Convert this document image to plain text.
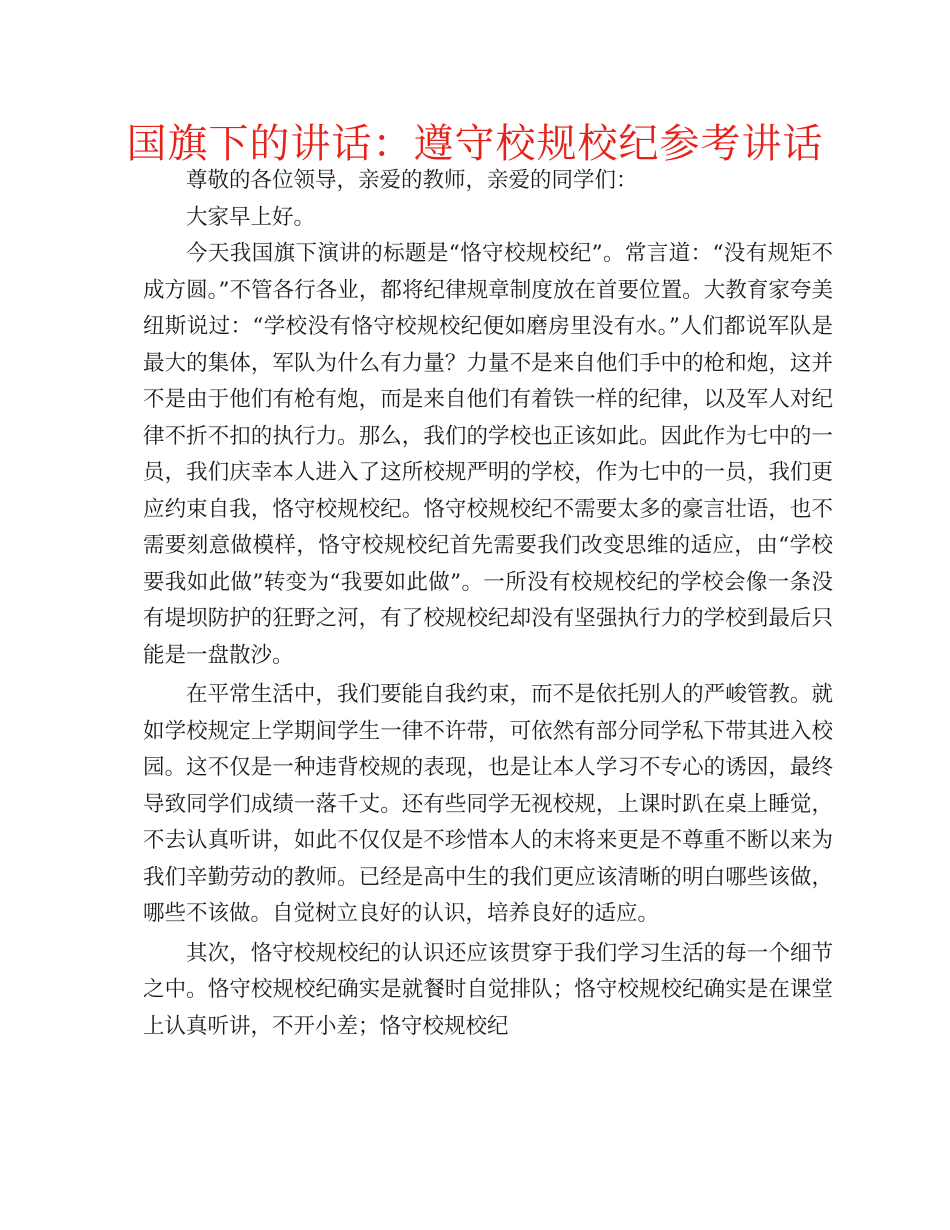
国旗下的讲话：遵守校规校纪参考讲话

尊敬的各位领导，亲爱的教师，亲爱的同学们：

大家早上好。

今天我国旗下演讲的标题是“恪守校规校纪”。常言道：“没有规矩不成方圆。”不管各行各业，都将纪律规章制度放在首要位置。大教育家夸美纽斯说过：“学校没有恪守校规校纪便如磨房里没有水。”人们都说军队是最大的集体，军队为什么有力量？力量不是来自他们手中的枪和炮，这并不是由于他们有枪有炮，而是来自他们有着铁一样的纪律，以及军人对纪律不折不扣的执行力。那么，我们的学校也正该如此。因此作为七中的一员，我们庆幸本人进入了这所校规严明的学校，作为七中的一员，我们更应约束自我，恪守校规校纪。恪守校规校纪不需要太多的豪言壮语，也不需要刻意做模样，恪守校规校纪首先需要我们改变思维的适应，由“学校要我如此做”转变为“我要如此做”。一所没有校规校纪的学校会像一条没有堤坝防护的狂野之河，有了校规校纪却没有坚强执行力的学校到最后只能是一盘散沙。

在平常生活中，我们要能自我约束，而不是依托别人的严峻管教。就如学校规定上学期间学生一律不许带，可依然有部分同学私下带其进入校园。这不仅是一种违背校规的表现，也是让本人学习不专心的诱因，最终导致同学们成绩一落千丈。还有些同学无视校规，上课时趴在桌上睡觉，不去认真听讲，如此不仅仅是不珍惜本人的末将来更是不尊重不断以来为我们辛勤劳动的教师。已经是高中生的我们更应该清晰的明白哪些该做，哪些不该做。自觉树立良好的认识，培养良好的适应。

其次，恪守校规校纪的认识还应该贯穿于我们学习生活的每一个细节之中。恪守校规校纪确实是就餐时自觉排队；恪守校规校纪确实是在课堂上认真听讲，不开小差；恪守校规校纪
